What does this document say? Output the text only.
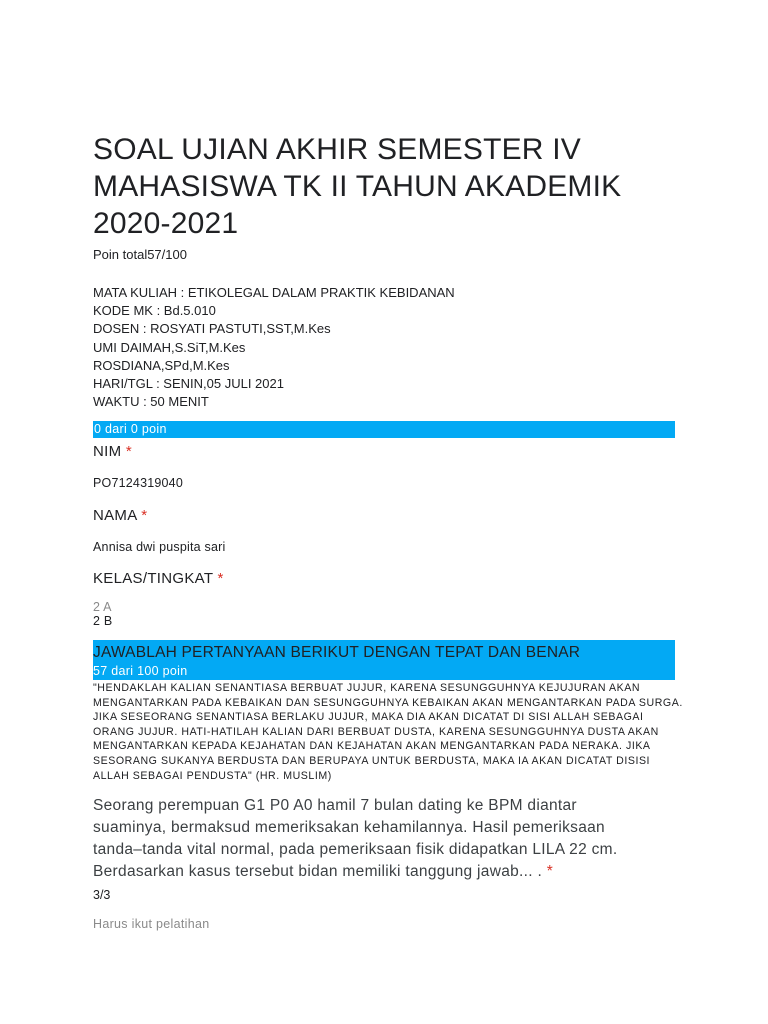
SOAL UJIAN AKHIR SEMESTER IV
MAHASISWA TK II TAHUN AKADEMIK
2020-2021
Poin total57/100
MATA KULIAH : ETIKOLEGAL DALAM PRAKTIK KEBIDANAN
KODE MK : Bd.5.010
DOSEN : ROSYATI PASTUTI,SST,M.Kes
UMI DAIMAH,S.SiT,M.Kes
ROSDIANA,SPd,M.Kes
HARI/TGL : SENIN,05 JULI 2021
WAKTU : 50 MENIT
0 dari 0 poin
NIM *
PO7124319040
NAMA *
Annisa dwi puspita sari
KELAS/TINGKAT *
2 A
2 B
JAWABLAH PERTANYAAN BERIKUT DENGAN TEPAT DAN BENAR
57 dari 100 poin
"HENDAKLAH KALIAN SENANTIASA BERBUAT JUJUR, KARENA SESUNGGUHNYA KEJUJURAN AKAN MENGANTARKAN PADA KEBAIKAN DAN SESUNGGUHNYA KEBAIKAN AKAN MENGANTARKAN PADA SURGA. JIKA SESEORANG SENANTIASA BERLAKU JUJUR, MAKA DIA AKAN DICATAT DI SISI ALLAH SEBAGAI ORANG JUJUR. HATI-HATILAH KALIAN DARI BERBUAT DUSTA, KARENA SESUNGGUHNYA DUSTA AKAN MENGANTARKAN KEPADA KEJAHATAN DAN KEJAHATAN AKAN MENGANTARKAN PADA NERAKA. JIKA SESORANG SUKANYA BERDUSTA DAN BERUPAYA UNTUK BERDUSTA, MAKA IA AKAN DICATAT DISISI ALLAH SEBAGAI PENDUSTA" (HR. MUSLIM)
Seorang perempuan G1 P0 A0 hamil 7 bulan dating ke BPM diantar suaminya, bermaksud memeriksakan kehamilannya. Hasil pemeriksaan tanda–tanda vital normal, pada pemeriksaan fisik didapatkan LILA 22 cm. Berdasarkan kasus tersebut bidan memiliki tanggung jawab... . *
3/3
Harus ikut pelatihan
